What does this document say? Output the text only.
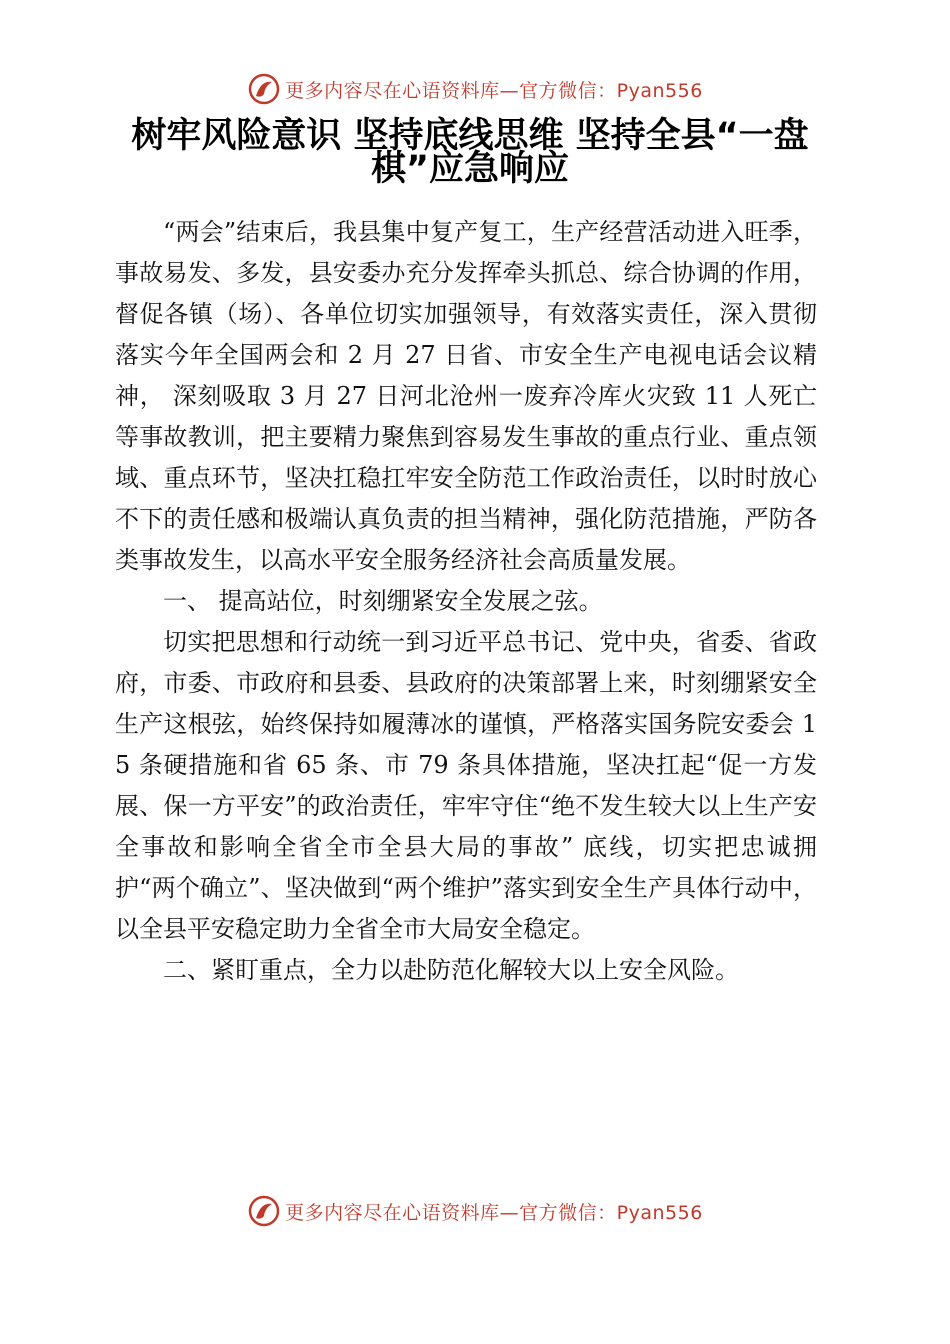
更多内容尽在心语资料库—官方微信：Pyan556
树牢风险意识 坚持底线思维 坚持全县“一盘棋”应急响应

“两会”结束后，我县集中复产复工，生产经营活动进入旺季，事故易发、多发，县安委办充分发挥牵头抓总、综合协调的作用， 督促各镇（场）、各单位切实加强领导，有效落实责任，深入贯彻落实今年全国两会和 2 月 27 日省、市安全生产电视电话会议精神， 深刻吸取 3 月 27 日河北沧州一废弃冷库火灾致 11 人死亡等事故教训，把主要精力聚焦到容易发生事故的重点行业、重点领域、重点环节，坚决扛稳扛牢安全防范工作政治责任，以时时放心不下的责任感和极端认真负责的担当精神，强化防范措施，严防各类事故发生，以高水平安全服务经济社会高质量发展。

一、 提高站位，时刻绷紧安全发展之弦。

切实把思想和行动统一到习近平总书记、党中央，省委、省政府，市委、市政府和县委、县政府的决策部署上来，时刻绷紧安全生产这根弦，始终保持如履薄冰的谨慎，严格落实国务院安委会 15 条硬措施和省 65 条、市 79 条具体措施，坚决扛起“促一方发展、保一方平安”的政治责任，牢牢守住“绝不发生较大以上生产安全事故和影响全省全市全县大局的事故” 底线，切实把忠诚拥护“两个确立”、坚决做到“两个维护”落实到安全生产具体行动中，以全县平安稳定助力全省全市大局安全稳定。

二、紧盯重点，全力以赴防范化解较大以上安全风险。

更多内容尽在心语资料库—官方微信：Pyan556
